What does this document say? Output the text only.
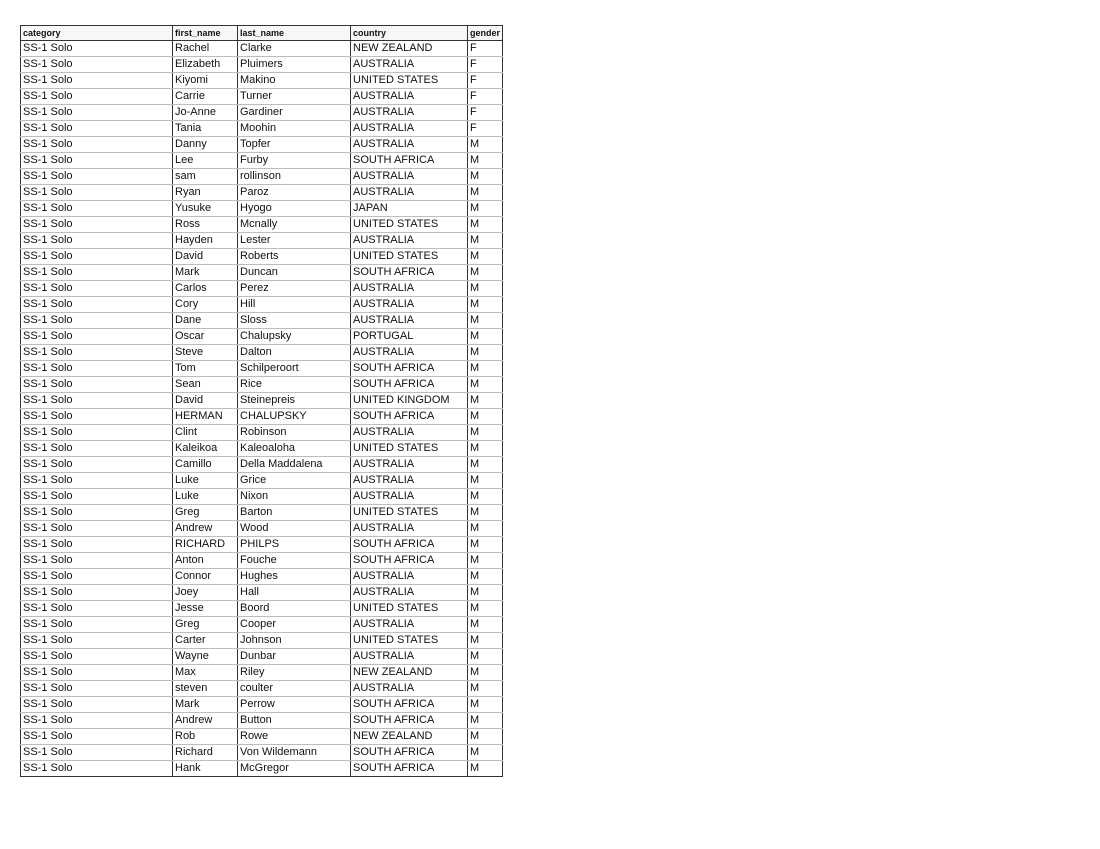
category	first_name	last_name	country	gender
SS-1 Solo	Rachel	Clarke	NEW ZEALAND	F
SS-1 Solo	Elizabeth	Pluimers	AUSTRALIA	F
SS-1 Solo	Kiyomi	Makino	UNITED STATES	F
SS-1 Solo	Carrie	Turner	AUSTRALIA	F
SS-1 Solo	Jo-Anne	Gardiner	AUSTRALIA	F
SS-1 Solo	Tania	Moohin	AUSTRALIA	F
SS-1 Solo	Danny	Topfer	AUSTRALIA	M
SS-1 Solo	Lee	Furby	SOUTH AFRICA	M
SS-1 Solo	sam	rollinson	AUSTRALIA	M
SS-1 Solo	Ryan	Paroz	AUSTRALIA	M
SS-1 Solo	Yusuke	Hyogo	JAPAN	M
SS-1 Solo	Ross	Mcnally	UNITED STATES	M
SS-1 Solo	Hayden	Lester	AUSTRALIA	M
SS-1 Solo	David	Roberts	UNITED STATES	M
SS-1 Solo	Mark	Duncan	SOUTH AFRICA	M
SS-1 Solo	Carlos	Perez	AUSTRALIA	M
SS-1 Solo	Cory	Hill	AUSTRALIA	M
SS-1 Solo	Dane	Sloss	AUSTRALIA	M
SS-1 Solo	Oscar	Chalupsky	PORTUGAL	M
SS-1 Solo	Steve	Dalton	AUSTRALIA	M
SS-1 Solo	Tom	Schilperoort	SOUTH AFRICA	M
SS-1 Solo	Sean	Rice	SOUTH AFRICA	M
SS-1 Solo	David	Steinepreis	UNITED KINGDOM	M
SS-1 Solo	HERMAN	CHALUPSKY	SOUTH AFRICA	M
SS-1 Solo	Clint	Robinson	AUSTRALIA	M
SS-1 Solo	Kaleikoa	Kaleoaloha	UNITED STATES	M
SS-1 Solo	Camillo	Della Maddalena	AUSTRALIA	M
SS-1 Solo	Luke	Grice	AUSTRALIA	M
SS-1 Solo	Luke	Nixon	AUSTRALIA	M
SS-1 Solo	Greg	Barton	UNITED STATES	M
SS-1 Solo	Andrew	Wood	AUSTRALIA	M
SS-1 Solo	RICHARD	PHILPS	SOUTH AFRICA	M
SS-1 Solo	Anton	Fouche	SOUTH AFRICA	M
SS-1 Solo	Connor	Hughes	AUSTRALIA	M
SS-1 Solo	Joey	Hall	AUSTRALIA	M
SS-1 Solo	Jesse	Boord	UNITED STATES	M
SS-1 Solo	Greg	Cooper	AUSTRALIA	M
SS-1 Solo	Carter	Johnson	UNITED STATES	M
SS-1 Solo	Wayne	Dunbar	AUSTRALIA	M
SS-1 Solo	Max	Riley	NEW ZEALAND	M
SS-1 Solo	steven	coulter	AUSTRALIA	M
SS-1 Solo	Mark	Perrow	SOUTH AFRICA	M
SS-1 Solo	Andrew	Button	SOUTH AFRICA	M
SS-1 Solo	Rob	Rowe	NEW ZEALAND	M
SS-1 Solo	Richard	Von Wildemann	SOUTH AFRICA	M
SS-1 Solo	Hank	McGregor	SOUTH AFRICA	M
